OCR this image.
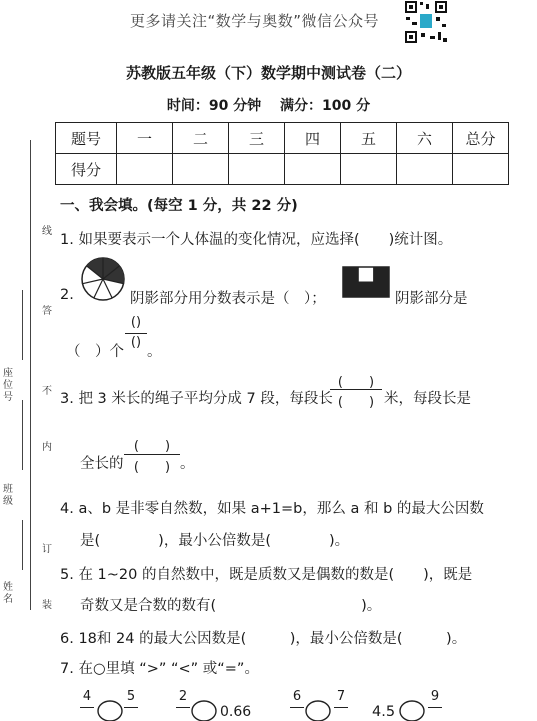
更多请关注“数学与奥数”微信公众号
苏教版五年级（下）数学期中测试卷（二）
时间：90 分钟　 满分：100 分
题号	一	二	三	四	五	六	总分
得分							
线
答
不
内
订
装
座位号
班级
姓名
一、我会填。(每空 1 分，共 22 分)
1. 如果要表示一个人体温的变化情况，应选择(　　)统计图。
2.	阴影部分用分数表示是（　）；	阴影部分是
（　）个
()
()
。
3. 把 3 米长的绳子平均分成 7 段，每段长
(　　)
(　　) 米，每段长是
全长的
(　　)
(　　) 。
4. a、b 是非零自然数，如果 a+1=b，那么 a 和 b 的最大公因数
是(　　　　)，最小公倍数是(　　　　)。
5. 在 1~20 的自然数中，既是质数又是偶数的数是(　　)，既是
奇数又是合数的数有(　　　　　　　　　　)。
6. 18和 24 的最大公因数是(　　　)，最小公倍数是(　　　)。
7. 在○里填 “>” “<” 或“=”。
4	5	2
0.66
6	7
4.5
9
